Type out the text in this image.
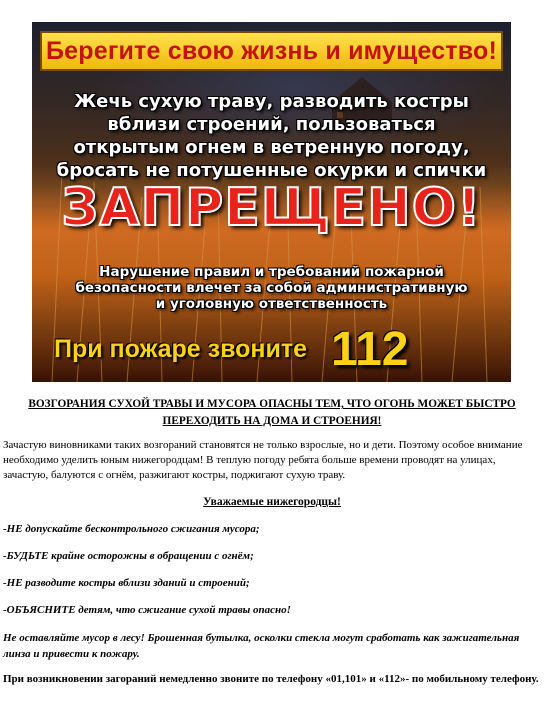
Берегите свою жизнь и имущество!
Жечь сухую траву, разводить костры
вблизи строений, пользоваться
открытым огнем в ветренную погоду,
бросать не потушенные окурки и спички
ЗАПРЕЩЕНО!
Нарушение правил и требований пожарной
безопасности влечет за собой административную
и уголовную ответственность
При пожаре звоните 112

ВОЗГОРАНИЯ СУХОЙ ТРАВЫ И МУСОРА ОПАСНЫ ТЕМ, ЧТО ОГОНЬ МОЖЕТ БЫСТРО ПЕРЕХОДИТЬ НА ДОМА И СТРОЕНИЯ!

Зачастую виновниками таких возгораний становятся не только взрослые, но и дети. Поэтому особое внимание необходимо уделить юным нижегородцам! В теплую погоду ребята больше времени проводят на улицах, зачастую, балуются с огнём, разжигают костры, поджигают сухую траву.

Уважаемые нижегородцы!

-НЕ допускайте бесконтрольного сжигания мусора;

-БУДЬТЕ крайне осторожны в обращении с огнём;

-НЕ разводите костры вблизи зданий и строений;

-ОБЪЯСНИТЕ детям, что сжигание сухой травы опасно!

Не оставляйте мусор в лесу! Брошенная бутылка, осколки стекла могут сработать как зажигательная линза и привести к пожару.

При возникновении загораний немедленно звоните по телефону «01,101» и «112»- по мобильному телефону.
